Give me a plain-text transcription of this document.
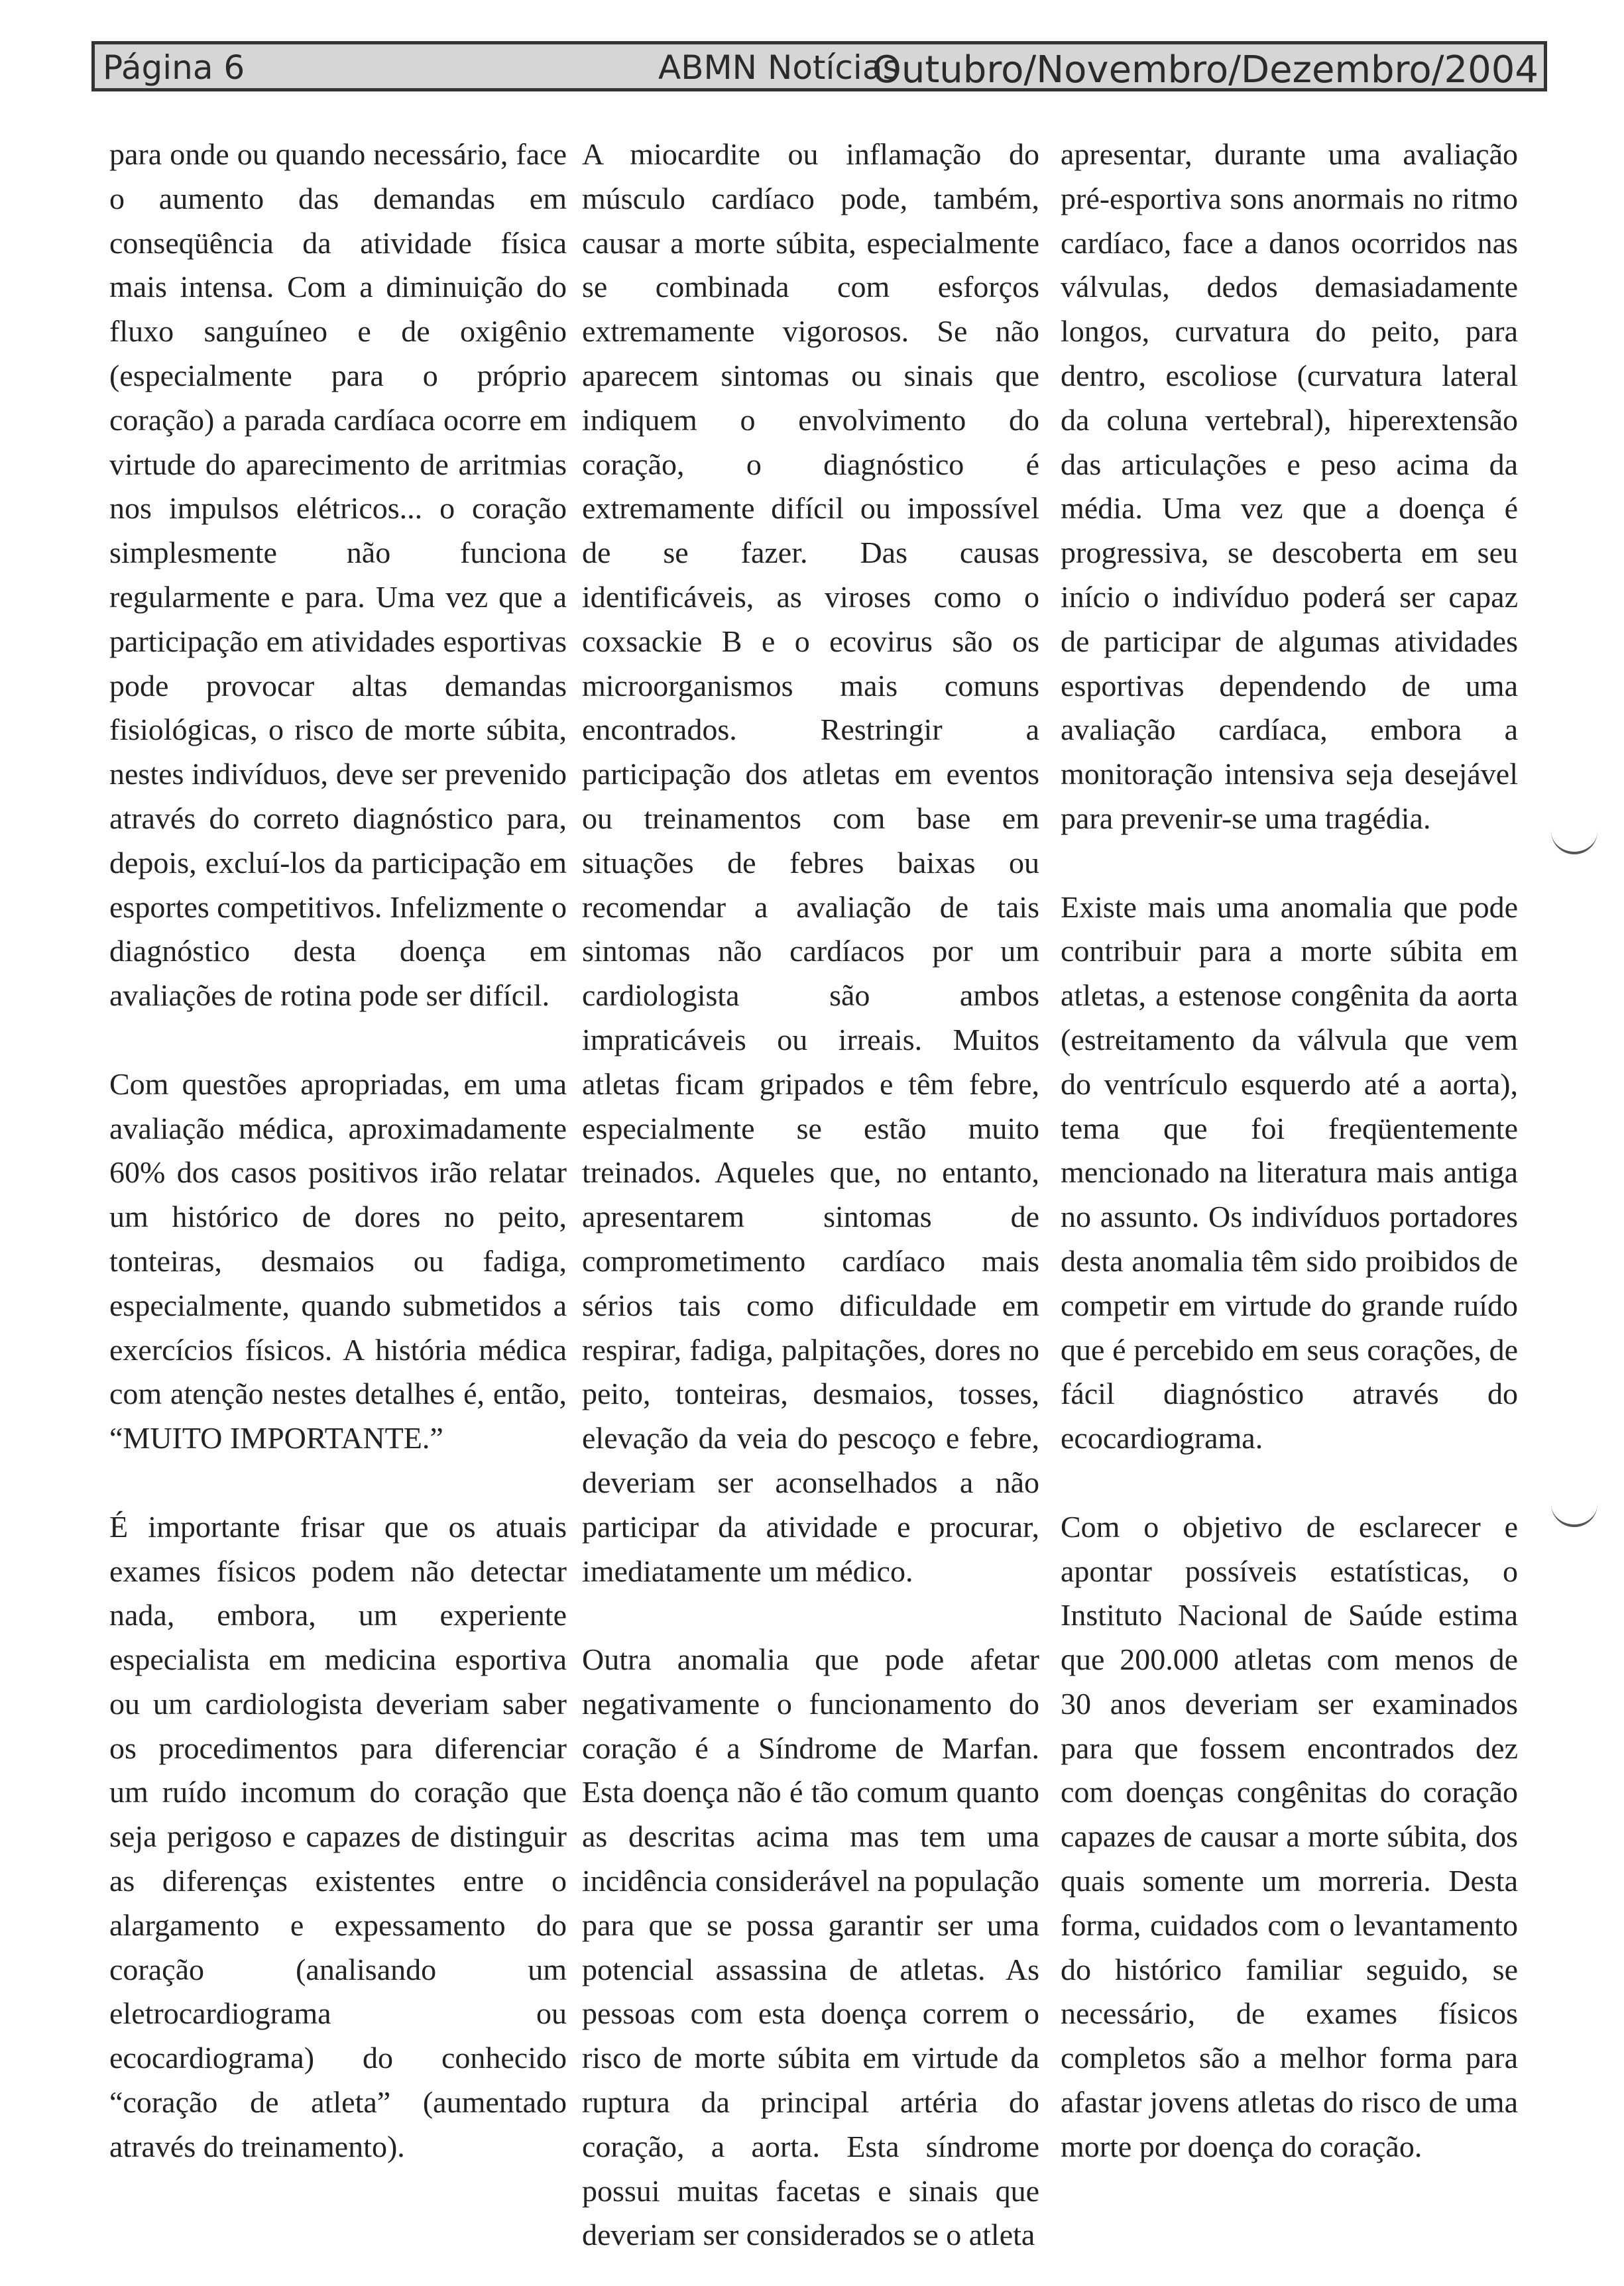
Página 6	ABMN Notícias
Outubro/Novembro/Dezembro/2004

para onde ou quando necessário, face o aumento das demandas em conseqüência da atividade física mais intensa. Com a diminuição do fluxo sanguíneo e de oxigênio (especialmente para o próprio coração) a parada cardíaca ocorre em virtude do aparecimento de arritmias nos impulsos elétricos... o coração simplesmente não funciona regularmente e para. Uma vez que a participação em atividades esportivas pode provocar altas demandas fisiológicas, o risco de morte súbita, nestes indivíduos, deve ser prevenido através do correto diagnóstico para, depois, excluí-los da participação em esportes competitivos. Infelizmente o diagnóstico desta doença em avaliações de rotina pode ser difícil.

Com questões apropriadas, em uma avaliação médica, aproximadamente 60% dos casos positivos irão relatar um histórico de dores no peito, tonteiras, desmaios ou fadiga, especialmente, quando submetidos a exercícios físicos. A história médica com atenção nestes detalhes é, então, “MUITO IMPORTANTE.”

É importante frisar que os atuais exames físicos podem não detectar nada, embora, um experiente especialista em medicina esportiva ou um cardiologista deveriam saber os procedimentos para diferenciar um ruído incomum do coração que seja perigoso e capazes de distinguir as diferenças existentes entre o alargamento e expessamento do coração (analisando um eletrocardiograma ou ecocardiograma) do conhecido “coração de atleta” (aumentado através do treinamento).

A miocardite ou inflamação do músculo cardíaco pode, também, causar a morte súbita, especialmente se combinada com esforços extremamente vigorosos. Se não aparecem sintomas ou sinais que indiquem o envolvimento do coração, o diagnóstico é extremamente difícil ou impossível de se fazer. Das causas identificáveis, as viroses como o coxsackie B e o ecovirus são os microorganismos mais comuns encontrados. Restringir a participação dos atletas em eventos ou treinamentos com base em situações de febres baixas ou recomendar a avaliação de tais sintomas não cardíacos por um cardiologista são ambos impraticáveis ou irreais. Muitos atletas ficam gripados e têm febre, especialmente se estão muito treinados. Aqueles que, no entanto, apresentarem sintomas de comprometimento cardíaco mais sérios tais como dificuldade em respirar, fadiga, palpitações, dores no peito, tonteiras, desmaios, tosses, elevação da veia do pescoço e febre, deveriam ser aconselhados a não participar da atividade e procurar, imediatamente um médico.

Outra anomalia que pode afetar negativamente o funcionamento do coração é a Síndrome de Marfan. Esta doença não é tão comum quanto as descritas acima mas tem uma incidência considerável na população para que se possa garantir ser uma potencial assassina de atletas. As pessoas com esta doença correm o risco de morte súbita em virtude da ruptura da principal artéria do coração, a aorta. Esta síndrome possui muitas facetas e sinais que deveriam ser considerados se o atleta

apresentar, durante uma avaliação pré-esportiva sons anormais no ritmo cardíaco, face a danos ocorridos nas válvulas, dedos demasiadamente longos, curvatura do peito, para dentro, escoliose (curvatura lateral da coluna vertebral), hiperextensão das articulações e peso acima da média. Uma vez que a doença é progressiva, se descoberta em seu início o indivíduo poderá ser capaz de participar de algumas atividades esportivas dependendo de uma avaliação cardíaca, embora a monitoração intensiva seja desejável para prevenir-se uma tragédia.

Existe mais uma anomalia que pode contribuir para a morte súbita em atletas, a estenose congênita da aorta (estreitamento da válvula que vem do ventrículo esquerdo até a aorta), tema que foi freqüentemente mencionado na literatura mais antiga no assunto. Os indivíduos portadores desta anomalia têm sido proibidos de competir em virtude do grande ruído que é percebido em seus corações, de fácil diagnóstico através do ecocardiograma.

Com o objetivo de esclarecer e apontar possíveis estatísticas, o Instituto Nacional de Saúde estima que 200.000 atletas com menos de 30 anos deveriam ser examinados para que fossem encontrados dez com doenças congênitas do coração capazes de causar a morte súbita, dos quais somente um morreria. Desta forma, cuidados com o levantamento do histórico familiar seguido, se necessário, de exames físicos completos são a melhor forma para afastar jovens atletas do risco de uma morte por doença do coração.
